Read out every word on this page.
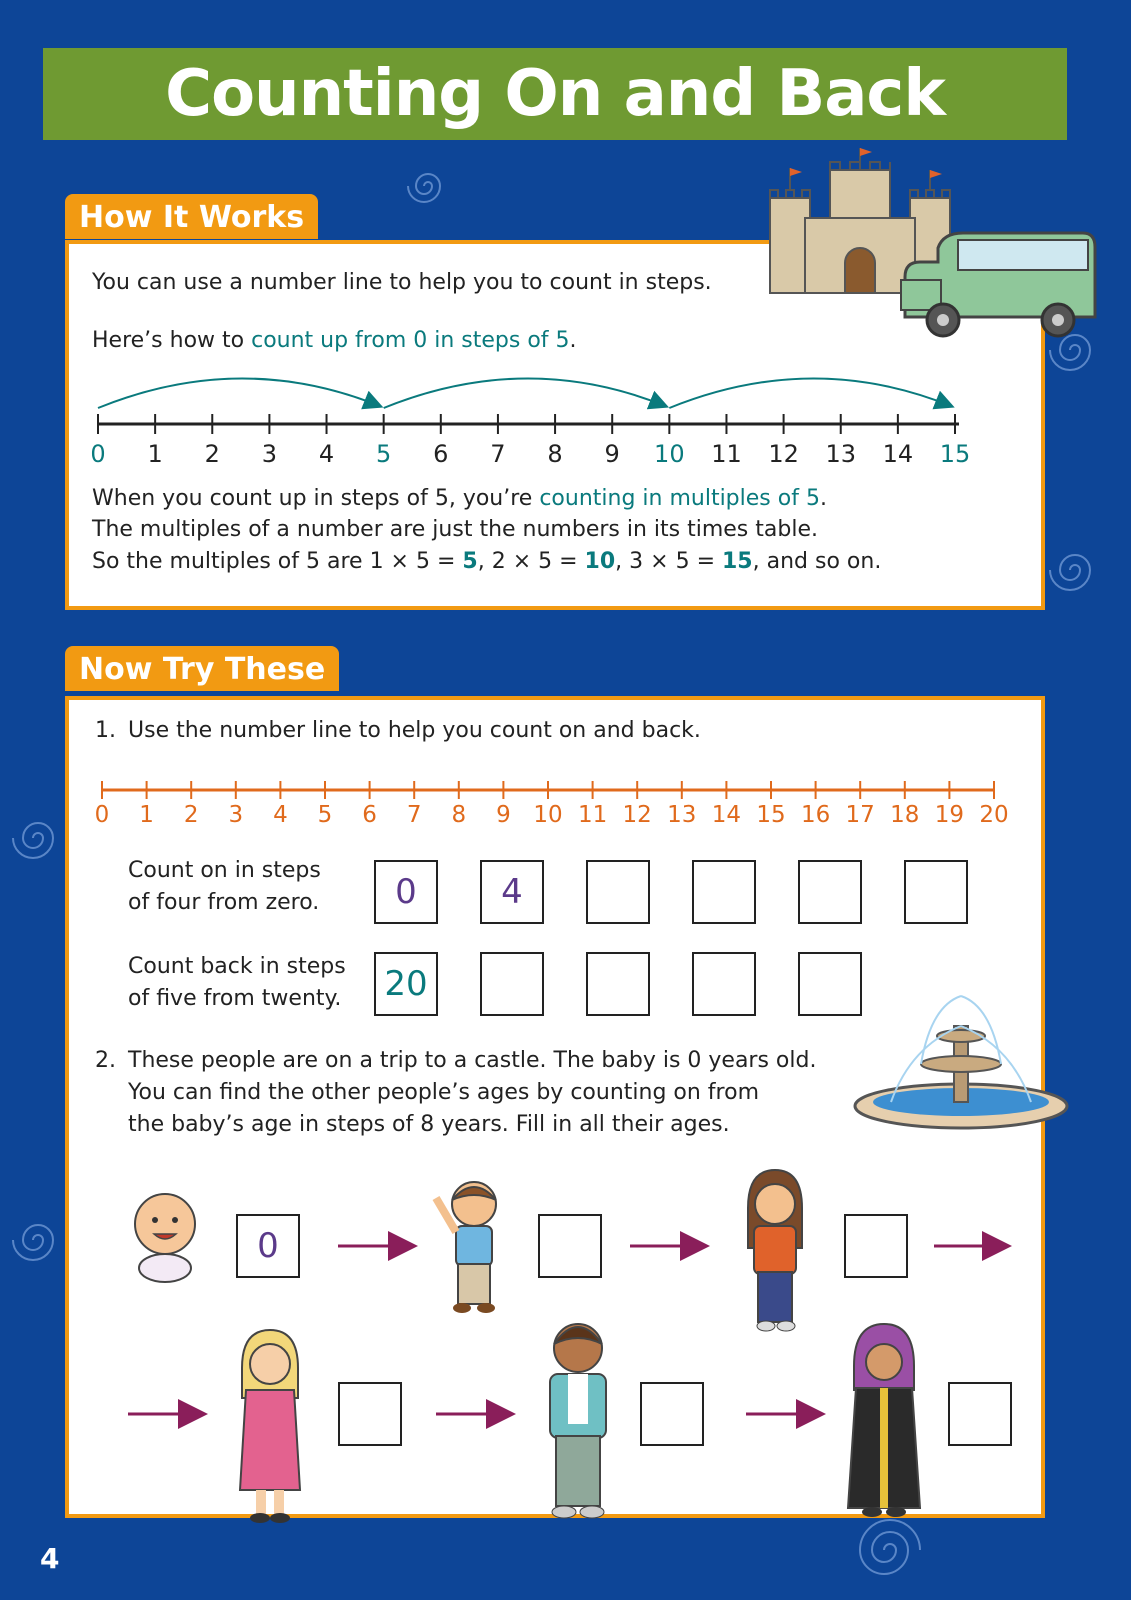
Counting On and Back
How It Works
You can use a number line to help you to count in steps.
Here’s how to count up from 0 in steps of 5.
0 1 2 3 4 5 6 7 8 9 10 11 12 13 14 15
When you count up in steps of 5, you’re counting in multiples of 5.
The multiples of a number are just the numbers in its times table.
So the multiples of 5 are 1 × 5 = 5, 2 × 5 = 10, 3 × 5 = 15, and so on.
Now Try These
1. Use the number line to help you count on and back.
0 1 2 3 4 5 6 7 8 9 10 11 12 13 14 15 16 17 18 19 20
Count on in steps
of four from zero.
Count back in steps
of five from twenty.
0	4
20
2. These people are on a trip to a castle. The baby is 0 years old.
You can find the other people’s ages by counting on from
the baby’s age in steps of 8 years. Fill in all their ages.
0
4
